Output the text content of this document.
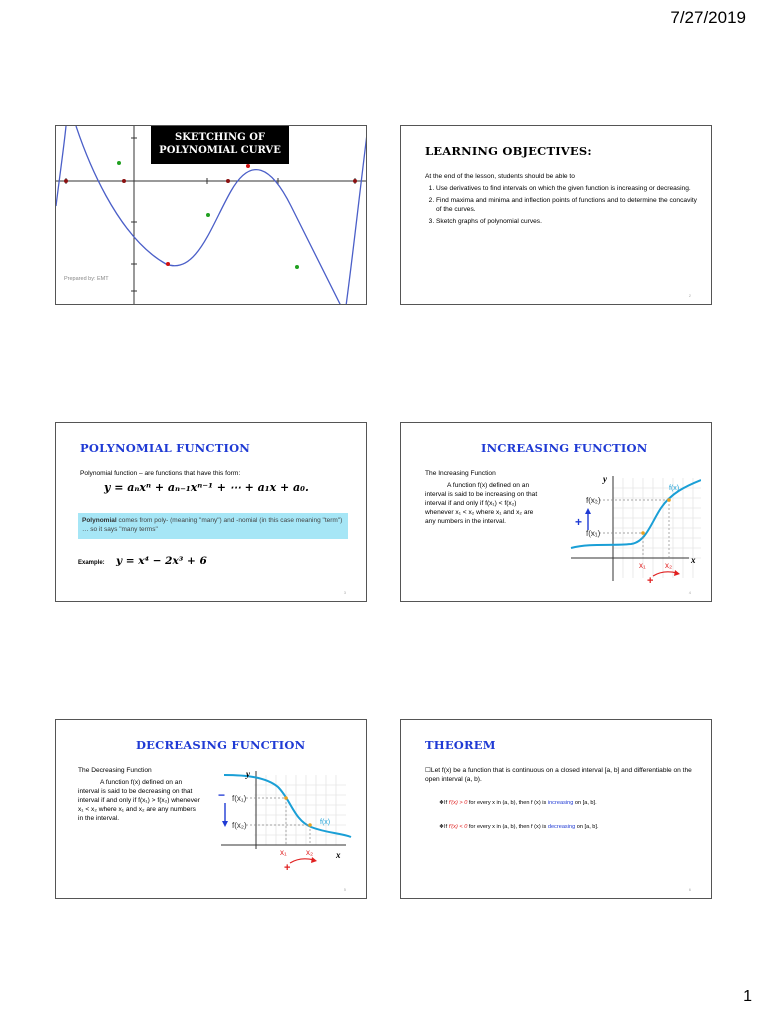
7/27/2019
SKETCHING OF
POLYNOMIAL CURVE
Prepared by: EMT
LEARNING OBJECTIVES:
At the end of the lesson, students should be able to
1. Use derivatives to find intervals on which the given function is increasing or decreasing.
2. Find maxima and minima and inflection points of functions and to determine the concavity of the curves.
3. Sketch graphs of polynomial curves.
2
POLYNOMIAL FUNCTION
Polynomial function – are functions that have this form:
y = aₙxⁿ + aₙ₋₁xⁿ⁻¹ + ⋯ + a₁x + a₀.
Polynomial comes from poly- (meaning "many") and -nomial (in this case meaning "term") … so it says "many terms"
Example: y = x⁴ − 2x³ + 6
3
INCREASING FUNCTION
The Increasing Function
A function f(x) defined on an interval is said to be increasing on that interval if and only if f(x₁) < f(x₂) whenever x₁ < x₂ where x₁ and x₂ are any numbers in the interval.
y
x
f(x)
f(x₂)
f(x₁)
x₁ x₂
+
+
4
DECREASING FUNCTION
The Decreasing Function
A function f(x) defined on an interval is said to be decreasing on that interval if and only if f(x₁) > f(x₂) whenever x₁ < x₂ where x₁ and x₂ are any numbers in the interval.
y
x
f(x)
f(x₁)
f(x₂)
x₁ x₂
−
+
5
THEOREM
☐Let f(x) be a function that is continuous on a closed interval [a, b] and differentiable on the open interval (a, b).
❖If f′(x) > 0 for every x in (a, b), then f (x) is increasing on [a, b].
❖If f′(x) < 0 for every x in (a, b), then f (x) is decreasing on [a, b].
6
1
